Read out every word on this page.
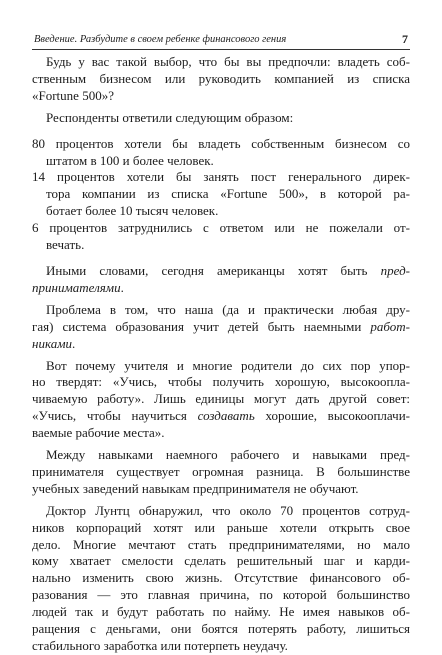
Введение. Разбудите в своем ребенке финансового гения	7
Будь у вас такой выбор, что бы вы предпочли: владеть соб-
ственным бизнесом или руководить компанией из списка
«Fortune 500»?
Респонденты ответили следующим образом:
80 процентов хотели бы владеть собственным бизнесом со
штатом в 100 и более человек.
14 процентов хотели бы занять пост генерального дирек-
тора компании из списка «Fortune 500», в которой ра-
ботает более 10 тысяч человек.
6 процентов затруднились с ответом или не пожелали от-
вечать.
Иными словами, сегодня американцы хотят быть пред-
принимателями.
Проблема в том, что наша (да и практически любая дру-
гая) система образования учит детей быть наемными работ-
никами.
Вот почему учителя и многие родители до сих пор упор-
но твердят: «Учись, чтобы получить хорошую, высокоопла-
чиваемую работу». Лишь единицы могут дать другой совет:
«Учись, чтобы научиться создавать хорошие, высокооплачи-
ваемые рабочие места».
Между навыками наемного рабочего и навыками пред-
принимателя существует огромная разница. В большинстве
учебных заведений навыкам предпринимателя не обучают.
Доктор Лунтц обнаружил, что около 70 процентов сотруд-
ников корпораций хотят или раньше хотели открыть свое
дело. Многие мечтают стать предпринимателями, но мало
кому хватает смелости сделать решительный шаг и карди-
нально изменить свою жизнь. Отсутствие финансового об-
разования — это главная причина, по которой большинство
людей так и будут работать по найму. Не имея навыков об-
ращения с деньгами, они боятся потерять работу, лишиться
стабильного заработка или потерпеть неудачу.
